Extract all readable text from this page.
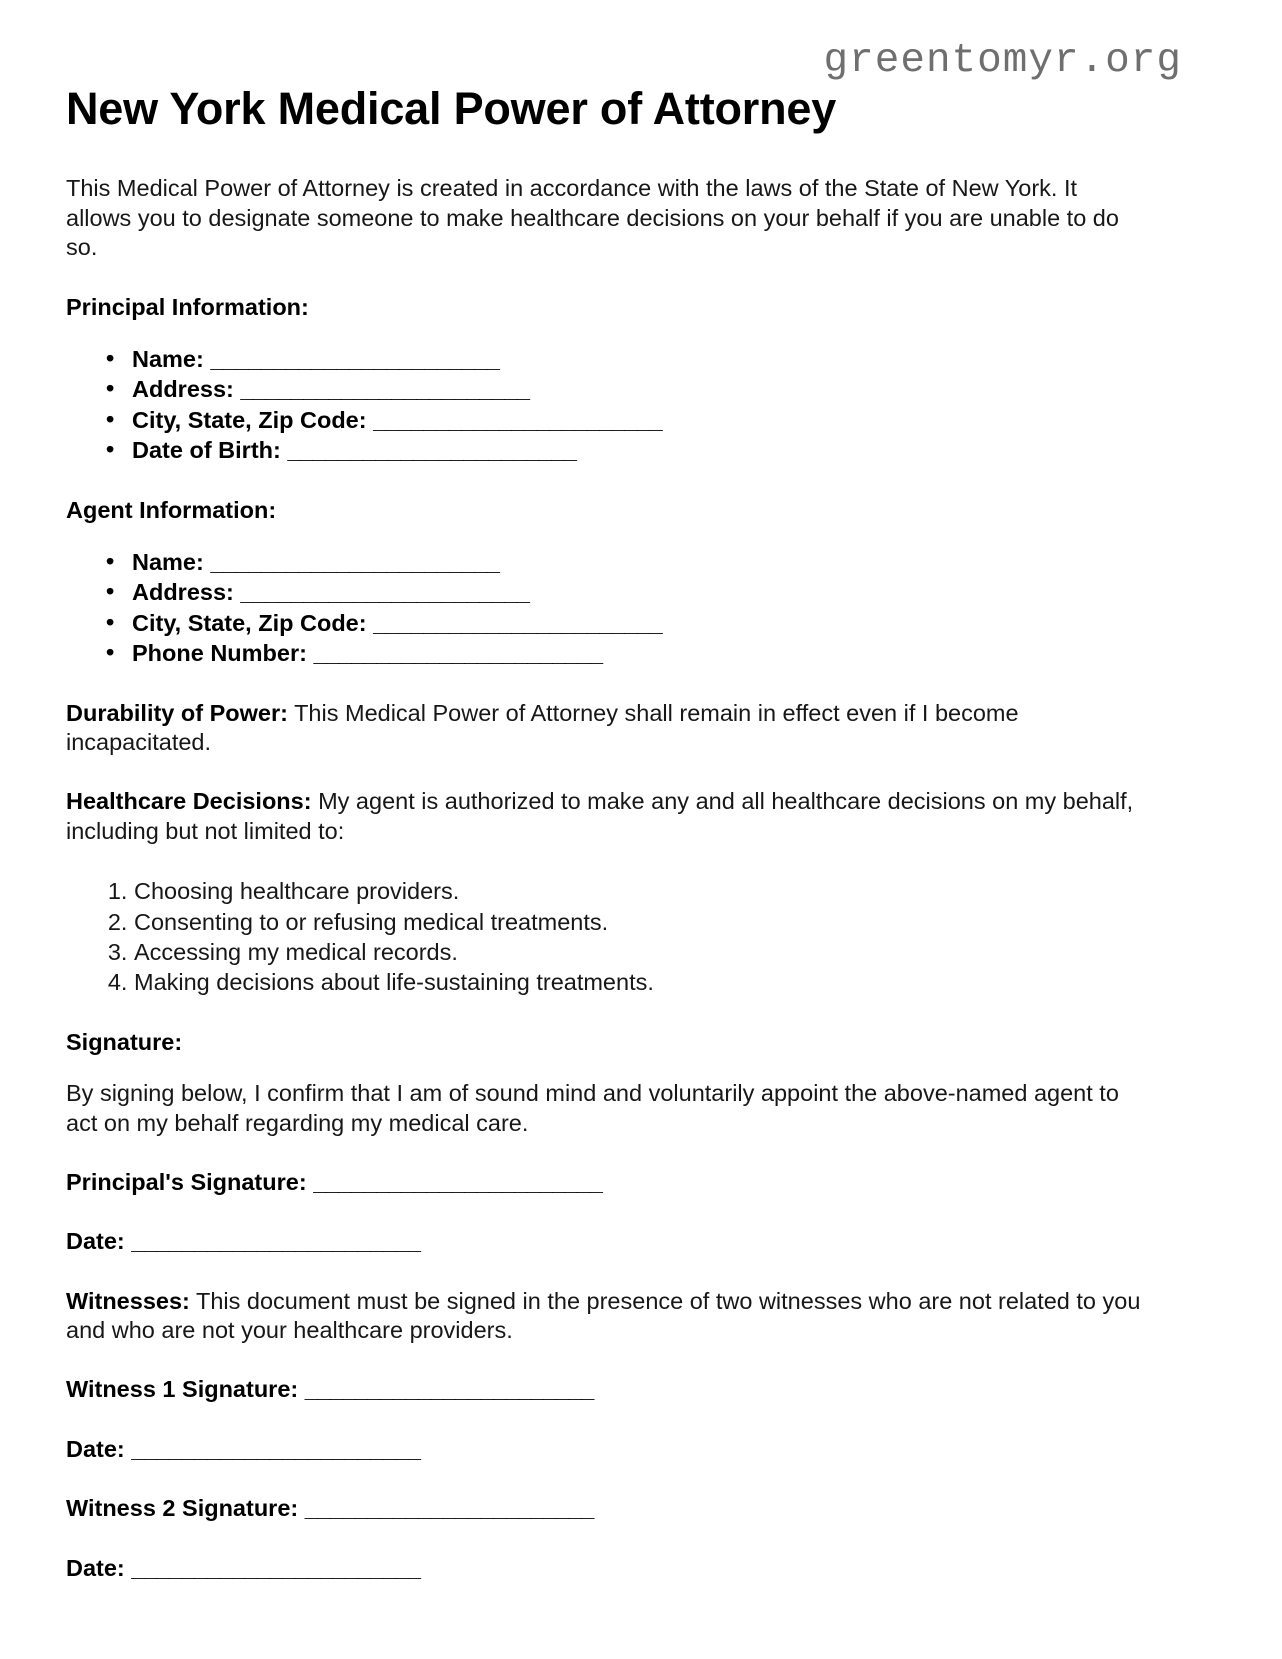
greentomyr.org
New York Medical Power of Attorney

This Medical Power of Attorney is created in accordance with the laws of the State of New York. It allows you to designate someone to make healthcare decisions on your behalf if you are unable to do so.

Principal Information:
• Name: _______________________
• Address: _______________________
• City, State, Zip Code: _______________________
• Date of Birth: _______________________
Agent Information:
• Name: _______________________
• Address: _______________________
• City, State, Zip Code: _______________________
• Phone Number: _______________________

Durability of Power: This Medical Power of Attorney shall remain in effect even if I become incapacitated.

Healthcare Decisions: My agent is authorized to make any and all healthcare decisions on my behalf, including but not limited to:

1. Choosing healthcare providers.
2. Consenting to or refusing medical treatments.
3. Accessing my medical records.
4. Making decisions about life-sustaining treatments.
Signature:

By signing below, I confirm that I am of sound mind and voluntarily appoint the above-named agent to act on my behalf regarding my medical care.

Principal's Signature: _______________________
Date: _______________________

Witnesses: This document must be signed in the presence of two witnesses who are not related to you and who are not your healthcare providers.

Witness 1 Signature: _______________________
Date: _______________________
Witness 2 Signature: _______________________
Date: _______________________
